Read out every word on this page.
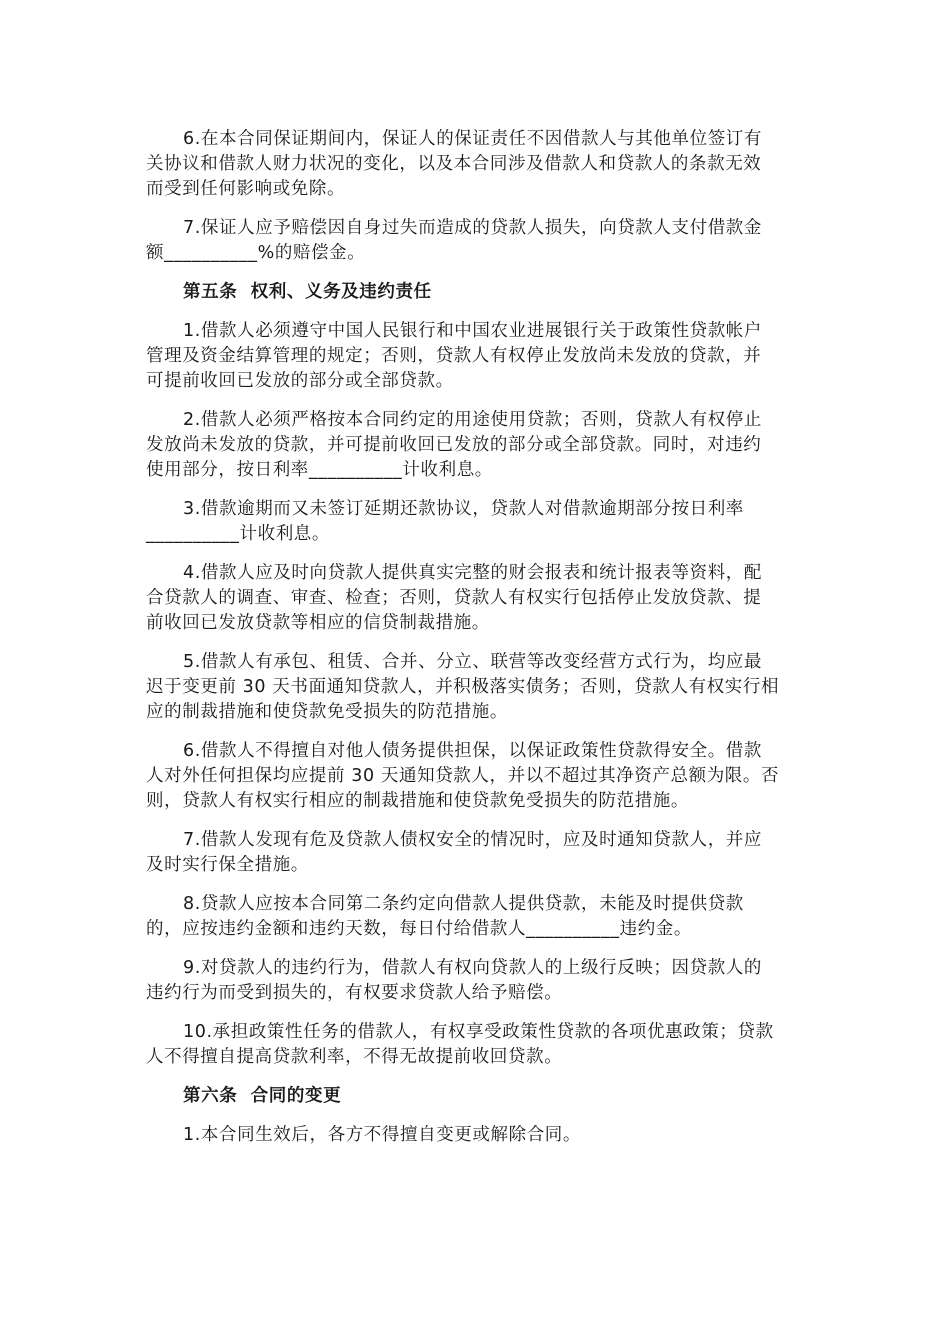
6.在本合同保证期间内，保证人的保证责任不因借款人与其他单位签订有
关协议和借款人财力状况的变化，以及本合同涉及借款人和贷款人的条款无效
而受到任何影响或免除。
7.保证人应予赔偿因自身过失而造成的贷款人损失，向贷款人支付借款金
额__________%的赔偿金。
第五条  权利、义务及违约责任
1.借款人必须遵守中国人民银行和中国农业进展银行关于政策性贷款帐户
管理及资金结算管理的规定；否则，贷款人有权停止发放尚未发放的贷款，并
可提前收回已发放的部分或全部贷款。
2.借款人必须严格按本合同约定的用途使用贷款；否则，贷款人有权停止
发放尚未发放的贷款，并可提前收回已发放的部分或全部贷款。同时，对违约
使用部分，按日利率__________计收利息。
3.借款逾期而又未签订延期还款协议，贷款人对借款逾期部分按日利率
__________计收利息。
4.借款人应及时向贷款人提供真实完整的财会报表和统计报表等资料，配
合贷款人的调查、审查、检查；否则，贷款人有权实行包括停止发放贷款、提
前收回已发放贷款等相应的信贷制裁措施。
5.借款人有承包、租赁、合并、分立、联营等改变经营方式行为，均应最
迟于变更前 30 天书面通知贷款人，并积极落实债务；否则，贷款人有权实行相
应的制裁措施和使贷款免受损失的防范措施。
6.借款人不得擅自对他人债务提供担保，以保证政策性贷款得安全。借款
人对外任何担保均应提前 30 天通知贷款人，并以不超过其净资产总额为限。否
则，贷款人有权实行相应的制裁措施和使贷款免受损失的防范措施。
7.借款人发现有危及贷款人债权安全的情况时，应及时通知贷款人，并应
及时实行保全措施。
8.贷款人应按本合同第二条约定向借款人提供贷款，未能及时提供贷款
的，应按违约金额和违约天数，每日付给借款人__________违约金。
9.对贷款人的违约行为，借款人有权向贷款人的上级行反映；因贷款人的
违约行为而受到损失的，有权要求贷款人给予赔偿。
10.承担政策性任务的借款人，有权享受政策性贷款的各项优惠政策；贷款
人不得擅自提高贷款利率，不得无故提前收回贷款。
第六条  合同的变更
1.本合同生效后，各方不得擅自变更或解除合同。
